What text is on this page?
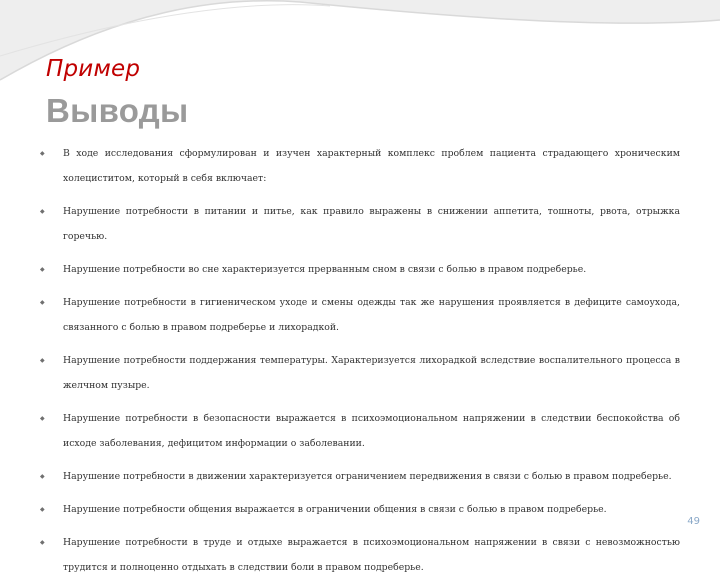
Пример
Выводы
◆ В ходе исследования сформулирован и изучен характерный комплекс проблем пациента страдающего хроническим холециститом, который в себя включает:
◆ Нарушение потребности в питании и питье, как правило выражены в снижении аппетита, тошноты, рвота, отрыжка горечью.
◆ Нарушение потребности во сне характеризуется прерванным сном в связи с болью в правом подреберье.
◆ Нарушение потребности в гигиеническом уходе и смены одежды так же нарушения проявляется в дефиците самоухода, связанного с болью в правом подреберье и лихорадкой.
◆ Нарушение потребности поддержания температуры. Характеризуется лихорадкой вследствие воспалительного процесса в желчном пузыре.
◆ Нарушение потребности в безопасности выражается в психоэмоциональном напряжении в следствии беспокойства об исходе заболевания, дефицитом информации о заболевании.
◆ Нарушение потребности в движении характеризуется ограничением передвижения в связи с болью в правом подреберье.
◆ Нарушение потребности общения выражается в ограничении общения в связи с болью в правом подреберье.
◆ Нарушение потребности в труде и отдыхе выражается в психоэмоциональном напряжении в связи с невозможностью трудится и полноценно отдыхать в следствии боли в правом подреберье.
49
